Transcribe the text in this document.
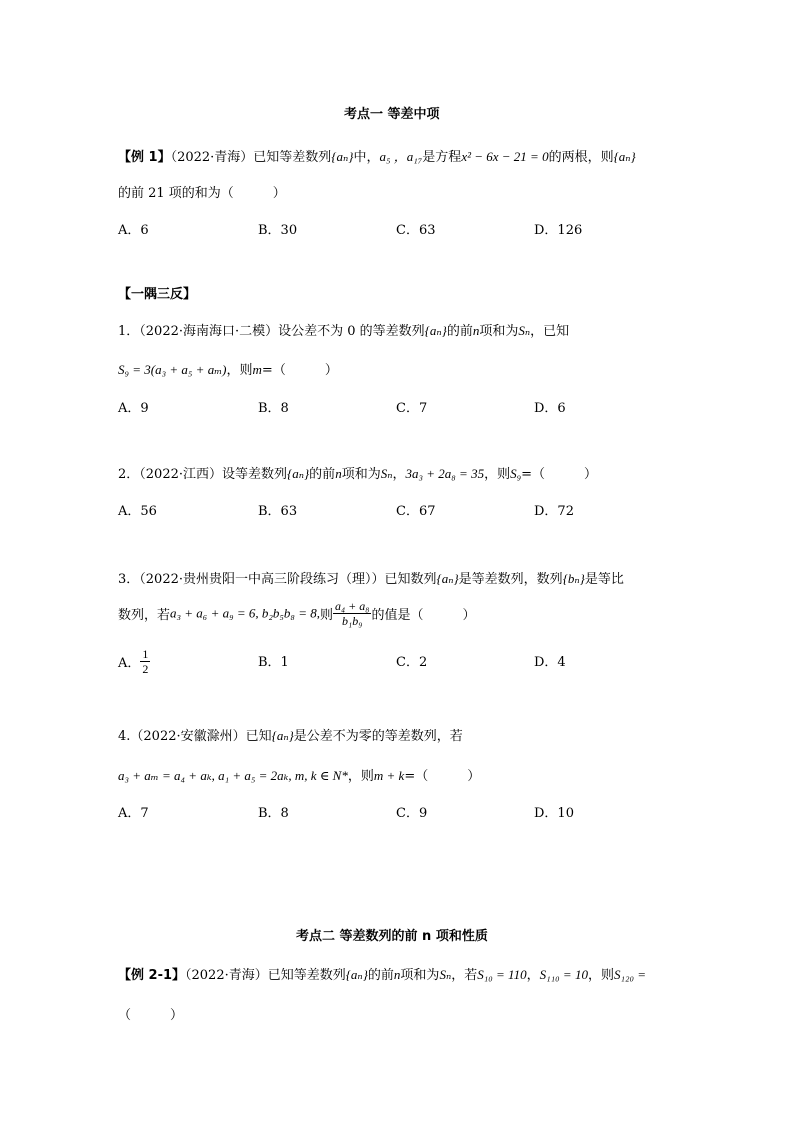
考点一 等差中项
【例 1】（2022·青海）已知等差数列{aₙ}中，a₅ ，a₁₇是方程x² − 6x − 21 = 0的两根，则{aₙ}
的前 21 项的和为（　　　）
A．6	B．30	C．63	D．126
【一隅三反】
1．（2022·海南海口·二模）设公差不为 0 的等差数列{aₙ}的前n项和为Sₙ，已知
S₉ = 3(a₃ + a₅ + aₘ)，则m=（　　　）
A．9	B．8	C．7	D．6
2．（2022·江西）设等差数列{aₙ}的前n项和为Sₙ，3a₃ + 2a₈ = 35，则S₉=（　　　）
A．56	B．63	C．67	D．72
3．（2022·贵州贵阳一中高三阶段练习（理））已知数列{aₙ}是等差数列，数列{bₙ}是等比
数列，若a₃ + a₆ + a₉ = 6, b₂b₅b₈ = 8,则 $\frac{\text{a₄ + a₈}}{\text{b₁b₉}}$ 的值是（　　　）
A． $\frac{1}{2}$	B．1	C．2	D．4
4.（2022·安徽滁州）已知{aₙ}是公差不为零的等差数列，若
a₃ + aₘ = a₄ + aₖ, a₁ + a₅ = 2aₖ, m, k ∈ N*，则m + k=（　　　）
A．7	B．8	C．9	D．10
考点二 等差数列的前 n 项和性质
【例 2-1】（2022·青海）已知等差数列{aₙ}的前n项和为Sₙ，若S₁₀ = 110，S₁₁₀ = 10，则S₁₂₀ =
（　　　）
